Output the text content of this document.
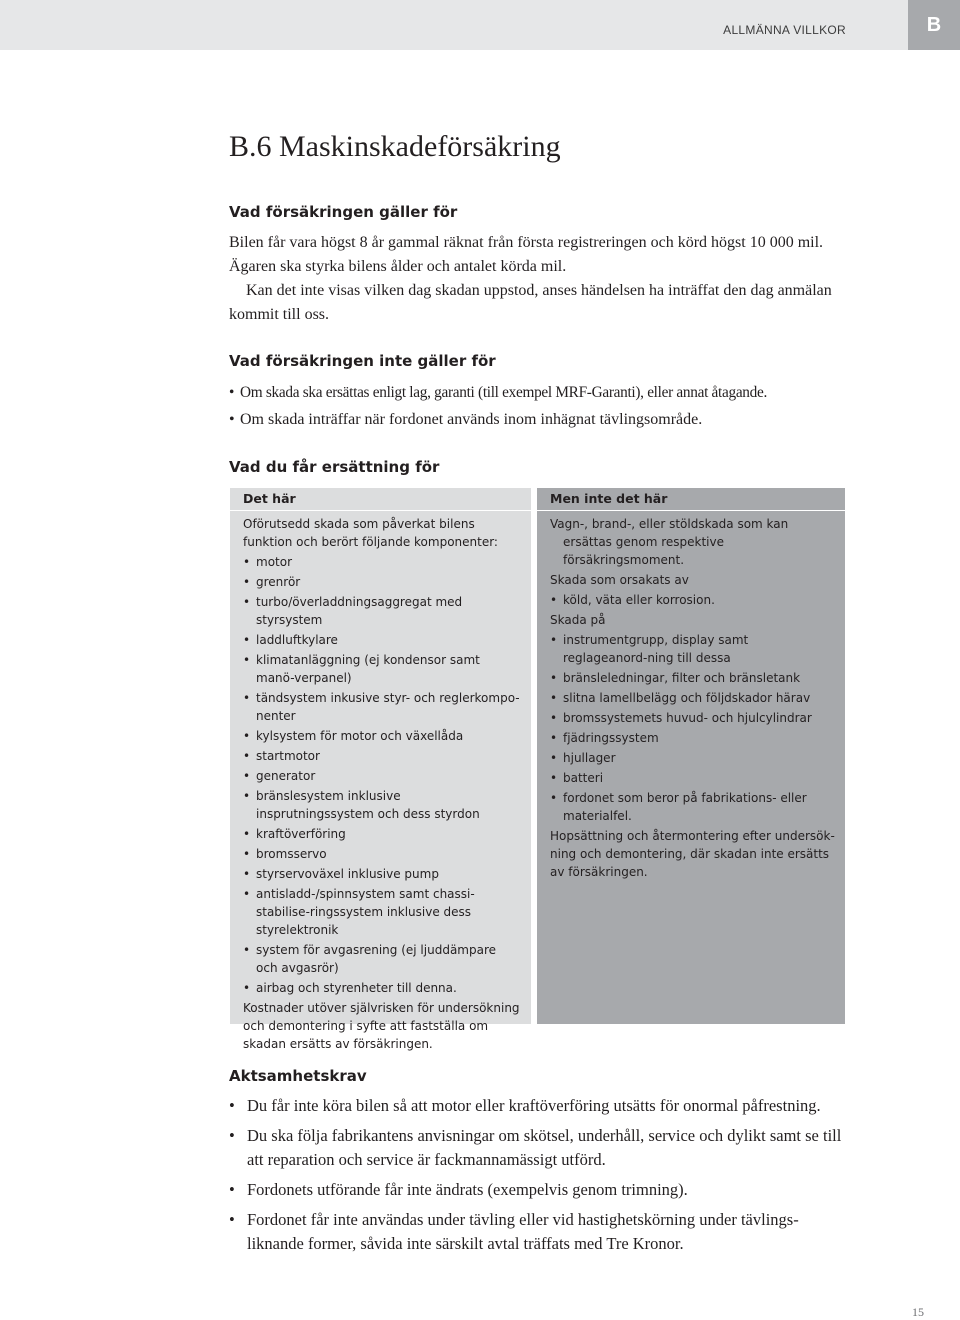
ALLMÄNNA VILLKOR	B
B.6 Maskinskadeförsäkring
Vad försäkringen gäller för

Bilen får vara högst 8 år gammal räknat från första registreringen och körd högst 10 000 mil. Ägaren ska styrka bilens ålder och antalet körda mil.

Kan det inte visas vilken dag skadan uppstod, anses händelsen ha inträffat den dag anmälan kommit till oss.

Vad försäkringen inte gäller för
• Om skada ska ersättas enligt lag, garanti (till exempel MRF-Garanti), eller annat åtagande.
• Om skada inträffar när fordonet används inom inhägnat tävlingsområde.
Vad du får ersättning för
Det här

Oförutsedd skada som påverkat bilens funktion och berört följande komponenter:

• motor
• grenrör
• turbo/överladdningsaggregat med styrsystem
• laddluftkylare
• klimatanläggning (ej kondensor samt manö-verpanel)
• tändsystem inkusive styr- och reglerkompo-nenter
• kylsystem för motor och växellåda
• startmotor
• generator
• bränslesystem inklusive insprutningssystem och dess styrdon
• kraftöverföring
• bromsservo
• styrservoväxel inklusive pump
• antisladd-/spinnsystem samt chassi-stabilise-ringssystem inklusive dess styrelektronik
• system för avgasrening (ej ljuddämpare och avgasrör)
• airbag och styrenheter till denna.

Kostnader utöver självrisken för undersökning och demontering i syfte att fastställa om skadan ersätts av försäkringen.

Men inte det här

Vagn-, brand-, eller stöldskada som kan ersättas genom respektive försäkringsmoment.

Skada som orsakats av

• köld, väta eller korrosion.

Skada på

• instrumentgrupp, display samt reglageanord-ning till dessa
• bränsleledningar, filter och bränsletank
• slitna lamellbelägg och följdskador härav
• bromssystemets huvud- och hjulcylindrar
• fjädringssystem
• hjullager
• batteri
• fordonet som beror på fabrikations- eller materialfel.

Hopsättning och återmontering efter undersök-ning och demontering, där skadan inte ersätts av försäkringen.

Aktsamhetskrav
• Du får inte köra bilen så att motor eller kraftöverföring utsätts för onormal påfrestning.
• Du ska följa fabrikantens anvisningar om skötsel, underhåll, service och dylikt samt se till att reparation och service är fackmannamässigt utförd.
• Fordonets utförande får inte ändrats (exempelvis genom trimning).
• Fordonet får inte användas under tävling eller vid hastighetskörning under tävlings-liknande former, såvida inte särskilt avtal träffats med Tre Kronor.
15
